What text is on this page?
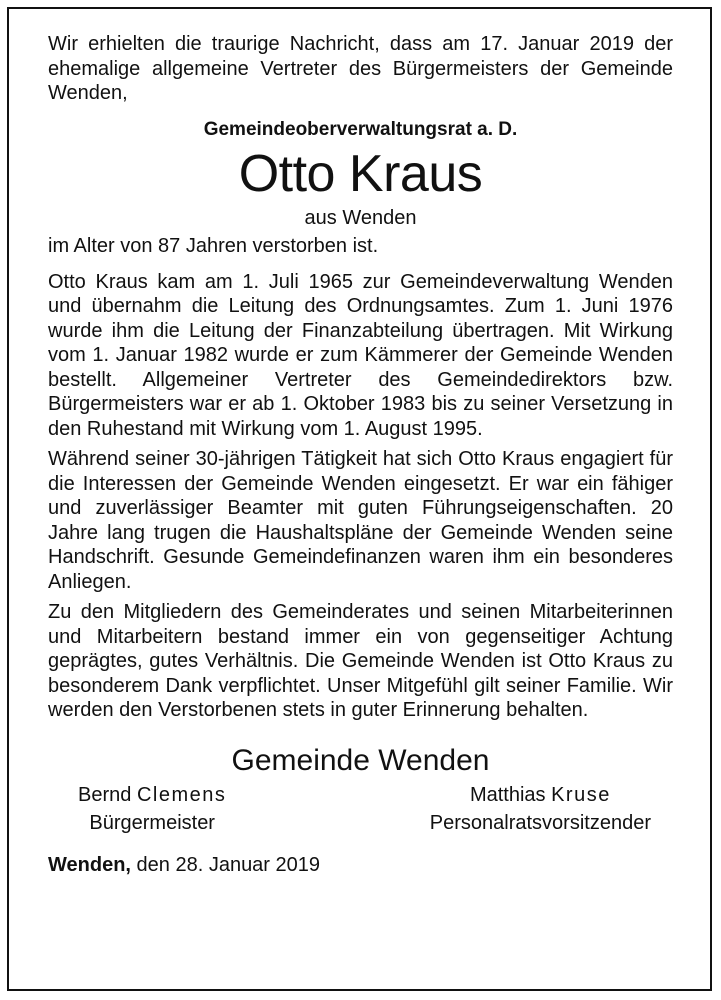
Wir erhielten die traurige Nachricht, dass am 17. Januar 2019 der ehemalige allgemeine Vertreter des Bürgermeisters der Gemeinde Wenden,

Gemeindeoberverwaltungsrat a. D.

Otto Kraus

aus Wenden

im Alter von 87 Jahren verstorben ist.

Otto Kraus kam am 1. Juli 1965 zur Gemeindeverwaltung Wenden und übernahm die Leitung des Ordnungsamtes. Zum 1. Juni 1976 wurde ihm die Leitung der Finanzabteilung übertragen. Mit Wirkung vom 1. Januar 1982 wurde er zum Kämmerer der Gemeinde Wenden bestellt. Allgemeiner Vertreter des Gemeindedirektors bzw. Bürgermeisters war er ab 1. Oktober 1983 bis zu seiner Versetzung in den Ruhestand mit Wirkung vom 1. August 1995.

Während seiner 30-jährigen Tätigkeit hat sich Otto Kraus engagiert für die Interessen der Gemeinde Wenden eingesetzt. Er war ein fähiger und zuverlässiger Beamter mit guten Führungseigenschaften. 20 Jahre lang trugen die Haushaltspläne der Gemeinde Wenden seine Handschrift. Gesunde Gemeindefinanzen waren ihm ein besonderes Anliegen.

Zu den Mitgliedern des Gemeinderates und seinen Mitarbeiterinnen und Mitarbeitern bestand immer ein von gegenseitiger Achtung geprägtes, gutes Verhältnis. Die Gemeinde Wenden ist Otto Kraus zu besonderem Dank verpflichtet. Unser Mitgefühl gilt seiner Familie. Wir werden den Verstorbenen stets in guter Erinnerung behalten.

Gemeinde Wenden

Bernd Clemens
Bürgermeister
Matthias Kruse
Personalratsvorsitzender
Wenden, den 28. Januar 2019
